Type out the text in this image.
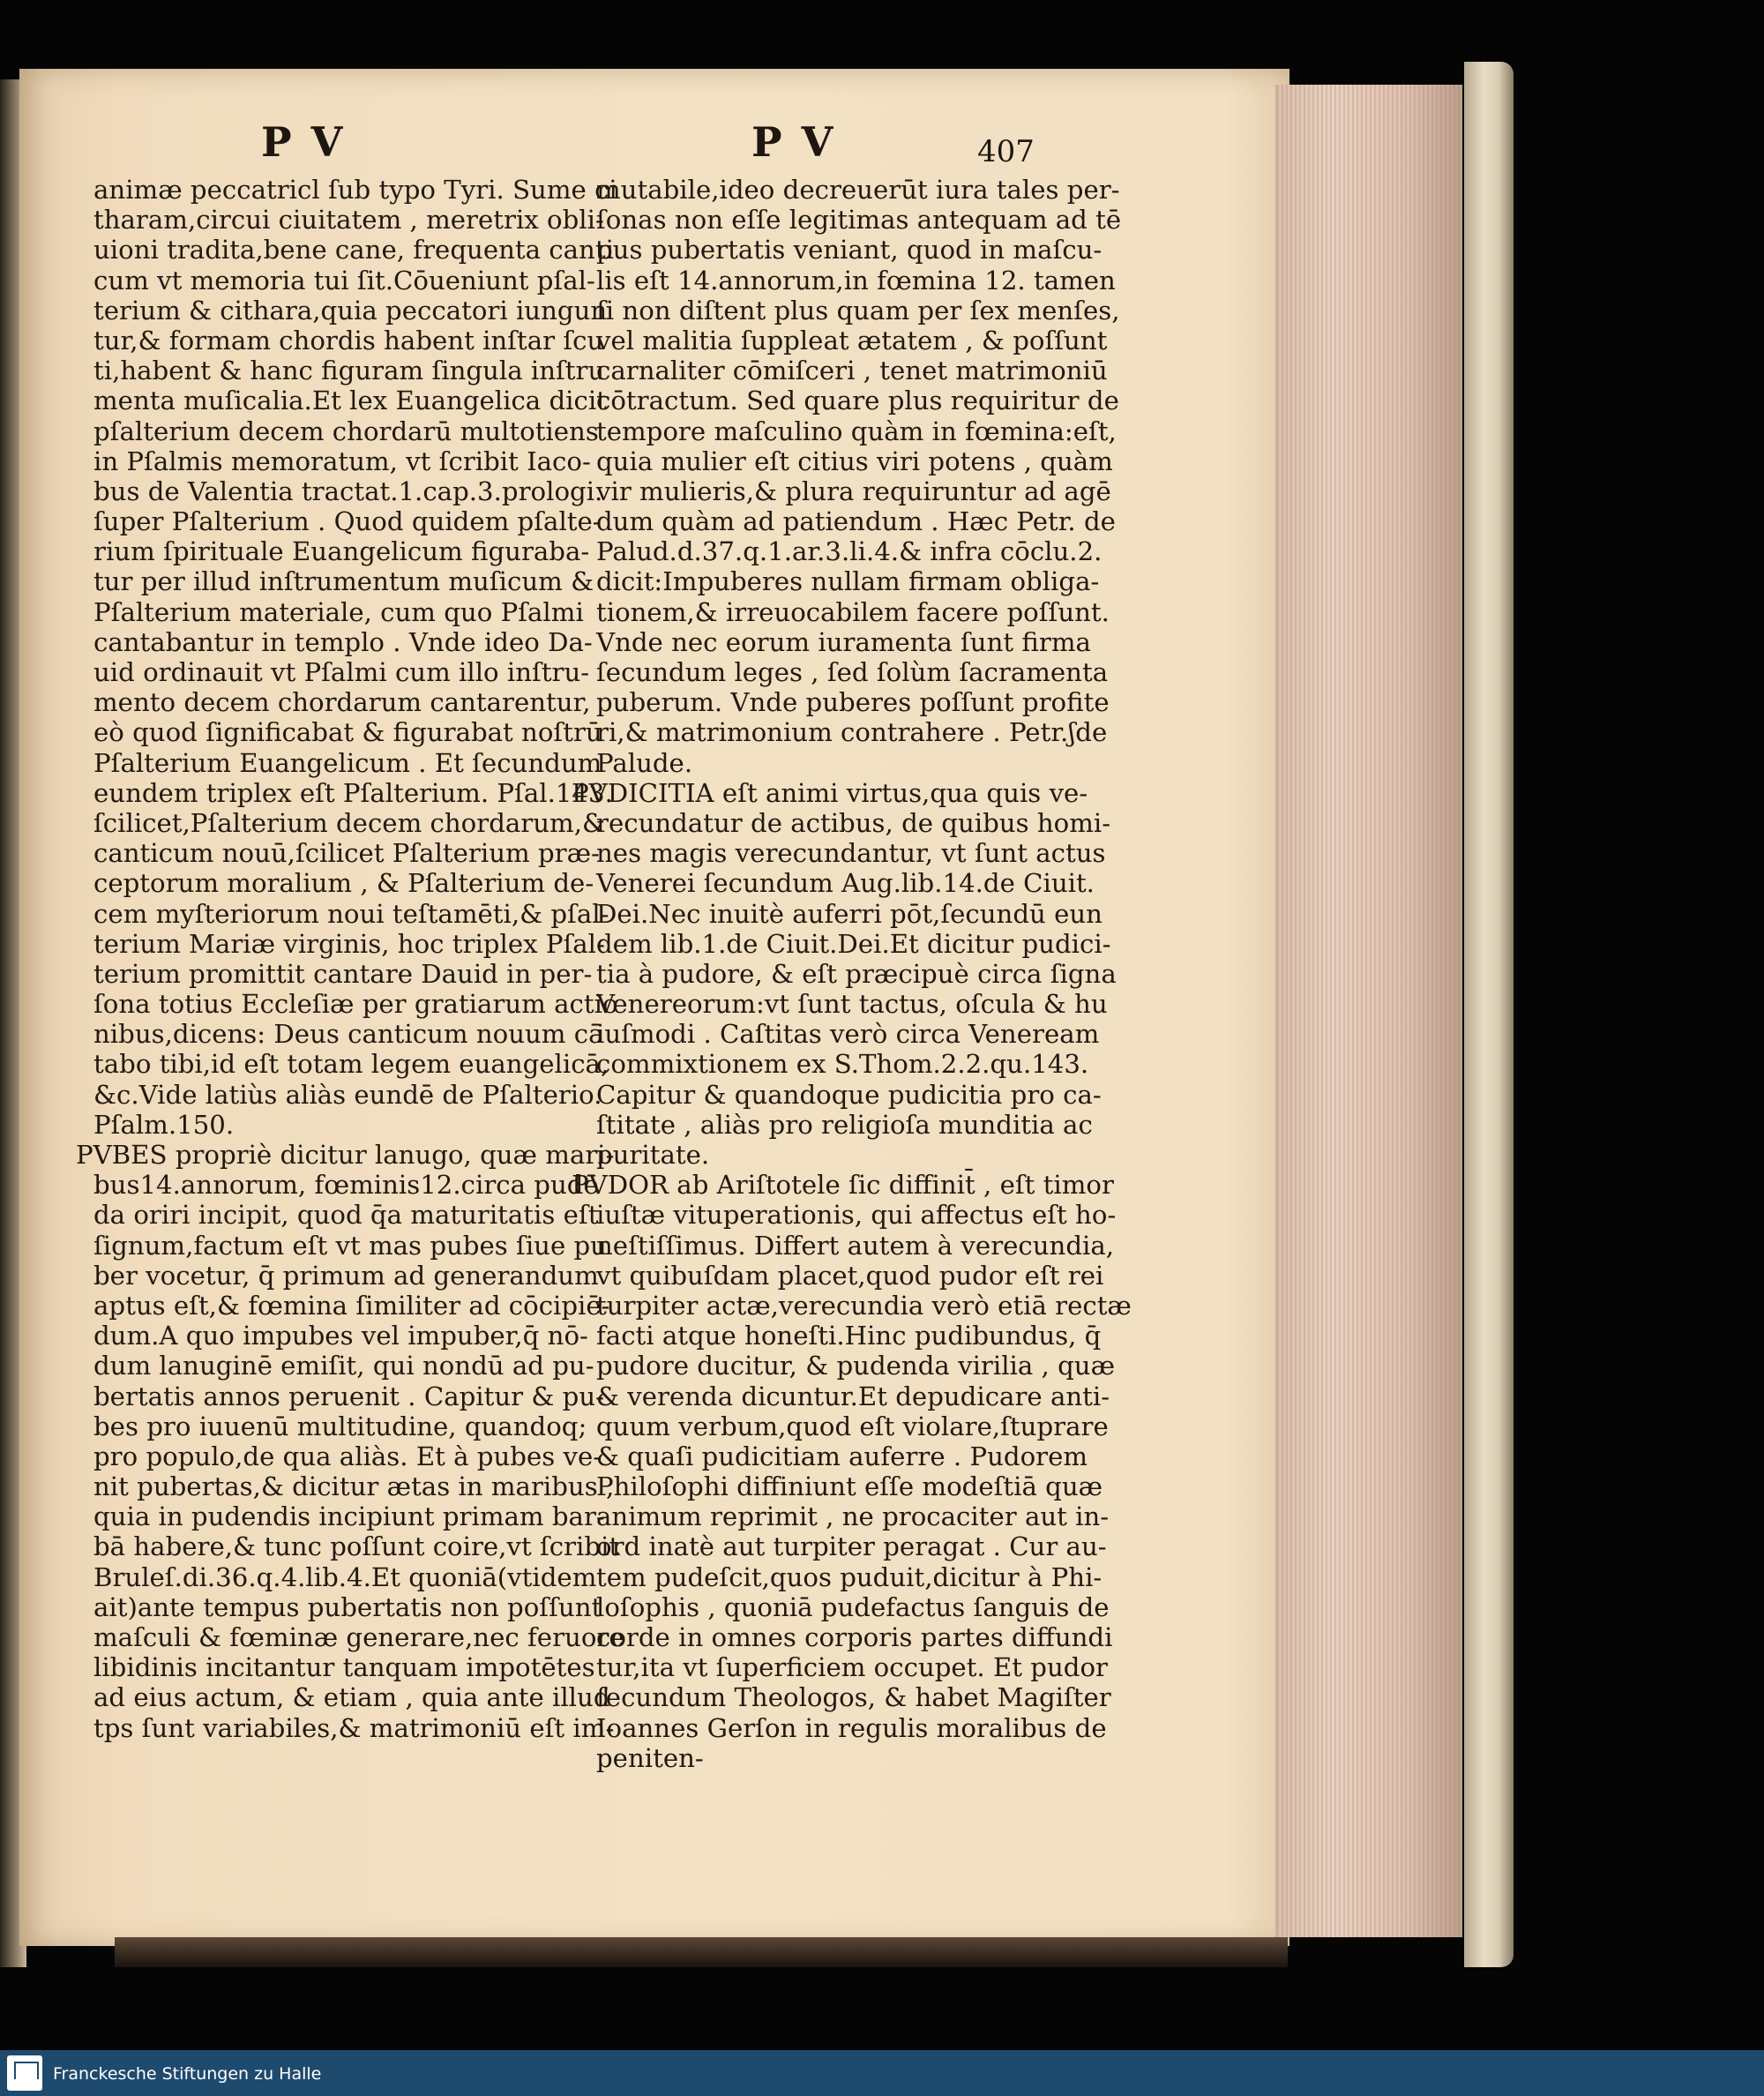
PV	PV	407
animæ peccatricl ſub typo Tyri. Sume ci
tharam,circui ciuitatem , meretrix obli-
uioni tradita,bene cane, frequenta canti
cum vt memoria tui ſit.Cōueniunt pſal-
terium & cithara,quia peccatori iungun
tur,& formam chordis habent inſtar ſcu
ti,habent & hanc figuram ſingula inſtru
menta muſicalia.Et lex Euangelica dicit
pſalterium decem chordarū multotiens
in Pſalmis memoratum, vt ſcribit Iaco-
bus de Valentia tractat.1.cap.3.prologi.
ſuper Pſalterium . Quod quidem pſalte-
rium ſpirituale Euangelicum figuraba-
tur per illud inſtrumentum muſicum &
Pſalterium materiale, cum quo Pſalmi
cantabantur in templo . Vnde ideo Da-
uid ordinauit vt Pſalmi cum illo inſtru-
mento decem chordarum cantarentur,
eò quod ſignificabat & figurabat noſtrū
Pſalterium Euangelicum . Et ſecundum
eundem triplex eſt Pſalterium. Pſal.143.
ſcilicet,Pſalterium decem chordarum,&
canticum nouū,ſcilicet Pſalterium præ-
ceptorum moralium , & Pſalterium de-
cem myſteriorum noui teſtamēti,& pſal-
terium Mariæ virginis, hoc triplex Pſal-
terium promittit cantare Dauid in per-
ſona totius Eccleſiæ per gratiarum actio
nibus,dicens: Deus canticum nouum cā
tabo tibi,id eſt totam legem euangelicā,
&c.Vide latiùs aliàs eundē de Pſalterio.
Pſalm.150.
PVBES propriè dicitur lanugo, quæ mari-
bus14.annorum, fœminis12.circa pudē
da oriri incipit, quod q̄a maturitatis eſt
ſignum,factum eſt vt mas pubes ſiue pu
ber vocetur, q̄ primum ad generandum
aptus eſt,& fœmina ſimiliter ad cōcipiē-
dum.A quo impubes vel impuber,q̄ nō-
dum lanuginē emiſit, qui nondū ad pu-
bertatis annos peruenit . Capitur & pu-
bes pro iuuenū multitudine, quandoq;
pro populo,de qua aliàs. Et à pubes ve-
nit pubertas,& dicitur ætas in maribus ,
quia in pudendis incipiunt primam bar-
bā habere,& tunc poſſunt coire,vt ſcribit
Bruleſ.di.36.q.4.lib.4.Et quoniā(vtidem
ait)ante tempus pubertatis non poſſunt
maſculi & fœminæ generare,nec feruore
libidinis incitantur tanquam impotētes
ad eius actum, & etiam , quia ante illud
tps ſunt variabiles,& matrimoniū eſt im-
mutabile,ideo decreuerūt iura tales per-
ſonas non eſſe legitimas antequam ad tē
pus pubertatis veniant, quod in maſcu-
lis eſt 14.annorum,in fœmina 12. tamen
ſi non diſtent plus quam per ſex menſes,
vel malitia ſuppleat ætatem , & poſſunt
carnaliter cōmiſceri , tenet matrimoniū
cōtractum. Sed quare plus requiritur de
tempore maſculino quàm in fœmina:eſt,
quia mulier eſt citius viri potens , quàm
vir mulieris,& plura requiruntur ad agē
dum quàm ad patiendum . Hæc Petr. de
Palud.d.37.q.1.ar.3.li.4.& infra cōclu.2.
dicit:Impuberes nullam firmam obliga-
tionem,& irreuocabilem facere poſſunt.
Vnde nec eorum iuramenta ſunt firma
ſecundum leges , ſed ſolùm ſacramenta
puberum. Vnde puberes poſſunt profite
ri,& matrimonium contrahere . Petr.ʃde
Palude.
PVDICITIA eſt animi virtus,qua quis ve-
recundatur de actibus, de quibus homi-
nes magis verecundantur, vt ſunt actus
Venerei ſecundum Aug.lib.14.de Ciuit.
Dei.Nec inuitè auferri pōt,ſecundū eun
dem lib.1.de Ciuit.Dei.Et dicitur pudici-
tia à pudore, & eſt præcipuè circa ſigna
Venereorum:vt ſunt tactus, oſcula & hu
iuſmodi . Caſtitas verò circa Veneream
commixtionem ex S.Thom.2.2.qu.143.
Capitur & quandoque pudicitia pro ca-
ſtitate , aliàs pro religioſa munditia ac
puritate.
PVDOR ab Ariſtotele ſic diffinit̄ , eſt timor
iuſtæ vituperationis, qui affectus eſt ho-
neſtiſſimus. Differt autem à verecundia,
vt quibuſdam placet,quod pudor eſt rei
turpiter actæ,verecundia verò etiā rectæ
facti atque honeſti.Hinc pudibundus, q̄
pudore ducitur, & pudenda virilia , quæ
& verenda dicuntur.Et depudicare anti-
quum verbum,quod eſt violare,ſtuprare
& quaſi pudicitiam auferre . Pudorem
Philoſophi diffiniunt eſſe modeſtiā quæ
animum reprimit , ne procaciter aut in-
ord inatè aut turpiter peragat . Cur au-
tem pudeſcit,quos puduit,dicitur à Phi-
loſophis , quoniā pudefactus ſanguis de
corde in omnes corporis partes diffundi
tur,ita vt ſuperficiem occupet. Et pudor
ſecundum Theologos, & habet Magiſter
Ioannes Gerſon in regulis moralibus de
peniten-
Franckesche Stiftungen zu Halle
